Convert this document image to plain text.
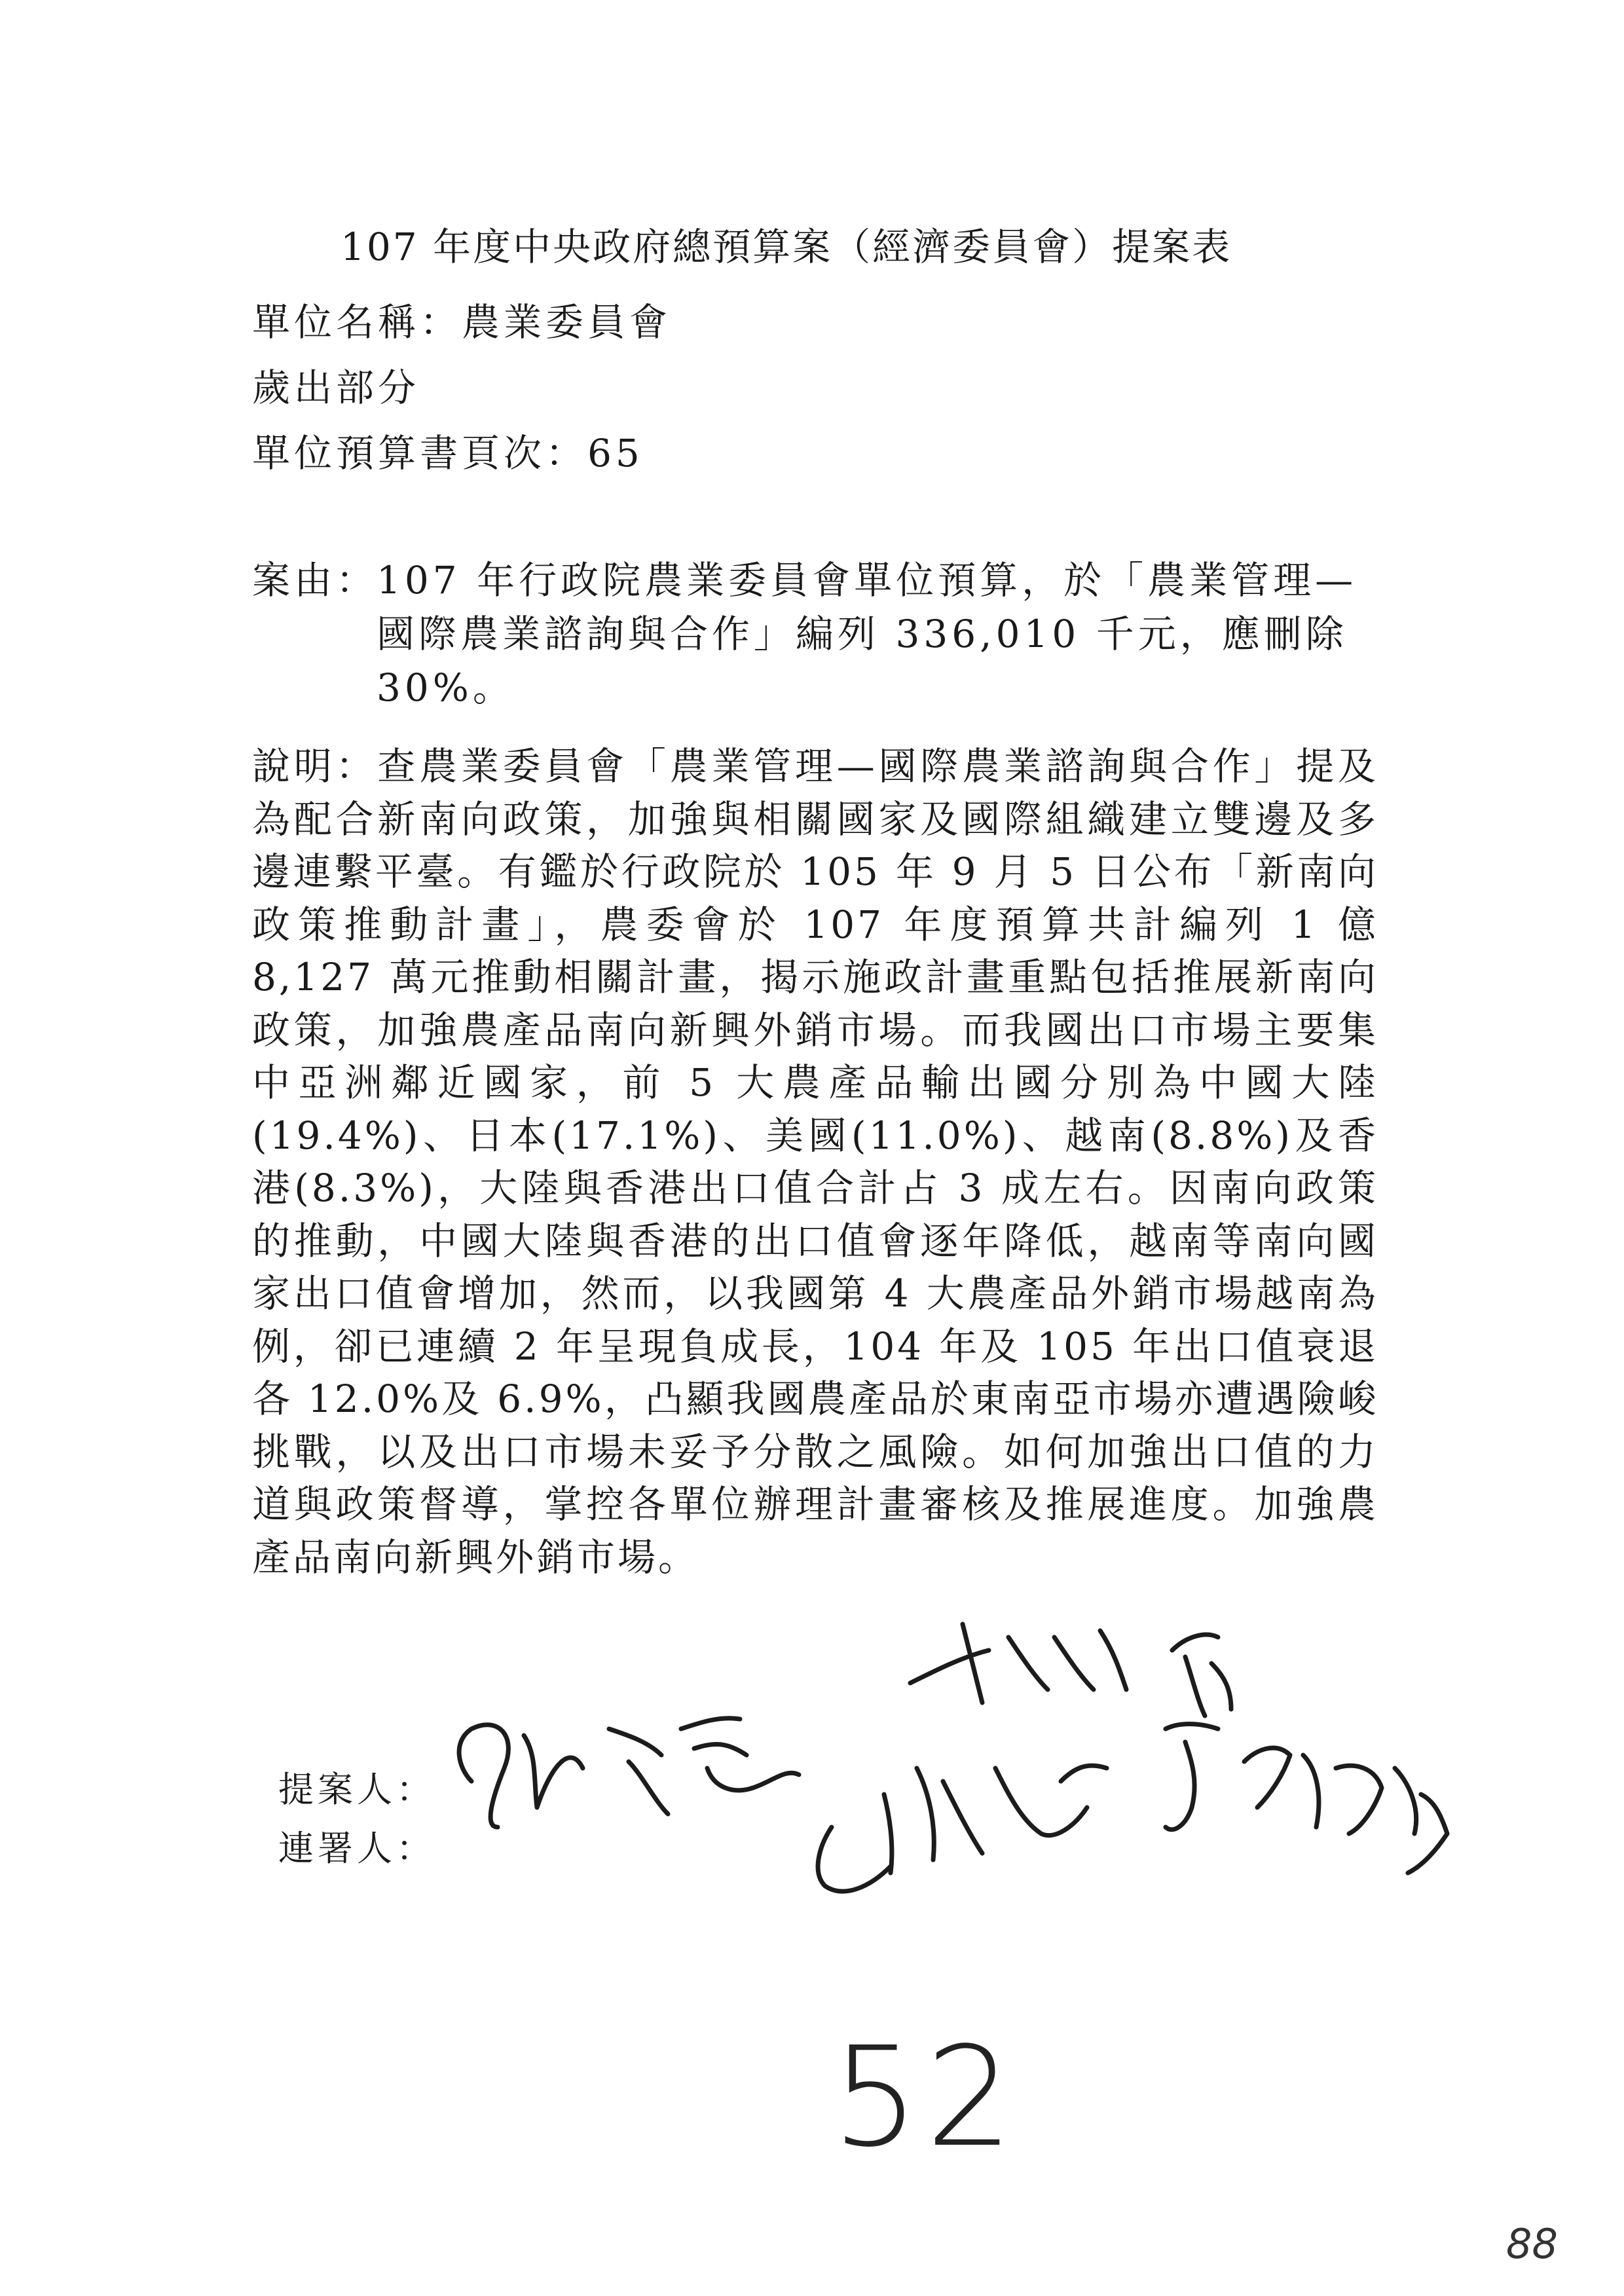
107 年度中央政府總預算案（經濟委員會）提案表
單位名稱：農業委員會
歲出部分
單位預算書頁次：65
案由：
107 年行政院農業委員會單位預算，於「農業管理—國際農業諮詢與合作」編列 336,010 千元，應刪除 30%。
說明：查農業委員會「農業管理—國際農業諮詢與合作」提及為配合新南向政策，加強與相關國家及國際組織建立雙邊及多邊連繫平臺。有鑑於行政院於 105 年 9 月 5 日公布「新南向政策推動計畫」，農委會於 107 年度預算共計編列 1 億 8,127 萬元推動相關計畫，揭示施政計畫重點包括推展新南向政策，加強農產品南向新興外銷市場。而我國出口市場主要集中亞洲鄰近國家，前 5 大農產品輸出國分別為中國大陸(19.4%)、日本(17.1%)、美國(11.0%)、越南(8.8%)及香港(8.3%)，大陸與香港出口值合計占 3 成左右。因南向政策的推動，中國大陸與香港的出口值會逐年降低，越南等南向國家出口值會增加，然而，以我國第 4 大農產品外銷市場越南為例，卻已連續 2 年呈現負成長，104 年及 105 年出口值衰退各 12.0%及 6.9%，凸顯我國農產品於東南亞市場亦遭遇險峻挑戰，以及出口市場未妥予分散之風險。如何加強出口值的力道與政策督導，掌控各單位辦理計畫審核及推展進度。加強農產品南向新興外銷市場。
提案人：
連署人：
52
88
